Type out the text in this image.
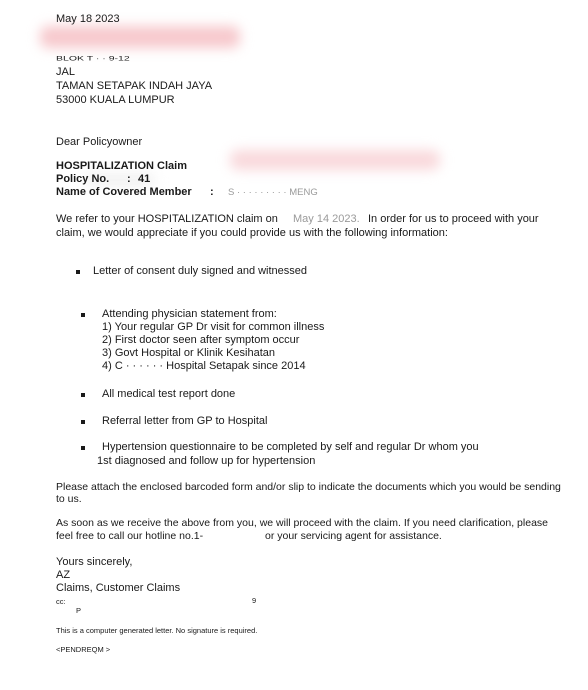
May 18 2023
BLOK T · · 9-12
JAL
TAMAN SETAPAK INDAH JAYA
53000 KUALA LUMPUR
Dear Policyowner
HOSPITALIZATION Claim
Policy No. : 41
Name of Covered Member : S · · · · · · · · · MENG
We refer to your HOSPITALIZATION claim on May 14 2023. In order for us to proceed with your
claim, we would appreciate if you could provide us with the following information:
Letter of consent duly signed and witnessed
Attending physician statement from:
1) Your regular GP Dr visit for common illness
2) First doctor seen after symptom occur
3) Govt Hospital or Klinik Kesihatan
4) C · · · · · · Hospital Setapak since 2014
All medical test report done
Referral letter from GP to Hospital
Hypertension questionnaire to be completed by self and regular Dr whom you
1st diagnosed and follow up for hypertension
Please attach the enclosed barcoded form and/or slip to indicate the documents which you would be sending
to us.
As soon as we receive the above from you, we will proceed with the claim. If you need clarification, please
feel free to call our hotline no.1-	or your servicing agent for assistance.
Yours sincerely,
AZ
Claims, Customer Claims
cc:	9
P
This is a computer generated letter. No signature is required.
<PENDREQM >
